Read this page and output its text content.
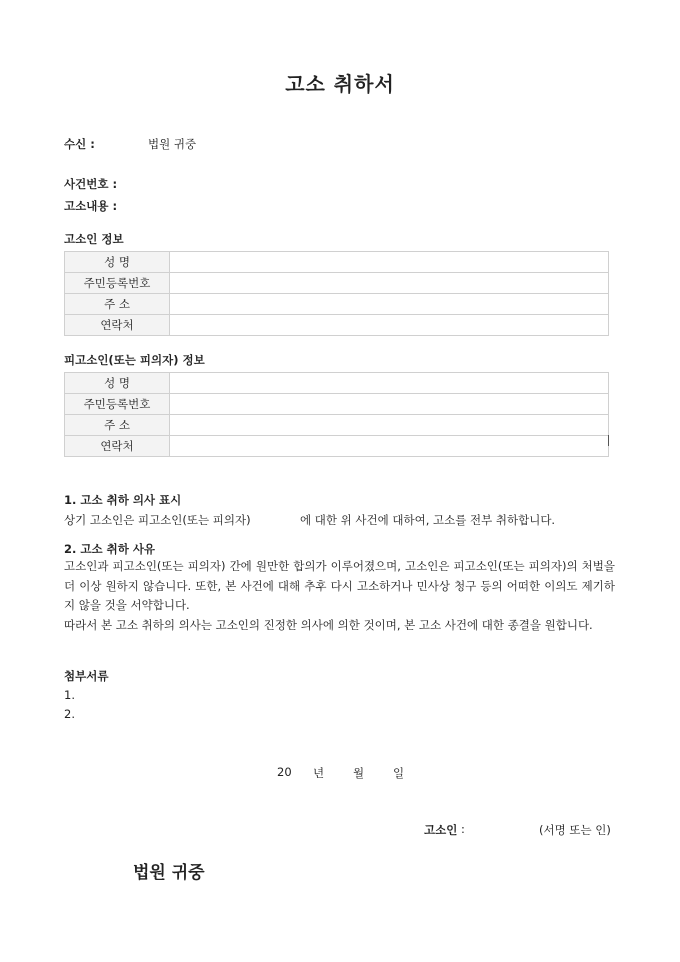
고소 취하서
수신 :	법원 귀중
사건번호 :
고소내용 :
고소인 정보
성 명	
주민등록번호	
주 소	
연락처	
피고소인(또는 피의자) 정보
성 명	
주민등록번호	
주 소	
연락처	
1. 고소 취하 의사 표시
상기 고소인은 피고소인(또는 피의자)	에 대한 위 사건에 대하여, 고소를 전부 취하합니다.
2. 고소 취하 사유
고소인과 피고소인(또는 피의자) 간에 원만한 합의가 이루어졌으며, 고소인은 피고소인(또는 피의자)의 처벌을 더 이상 원하지 않습니다. 또한, 본 사건에 대해 추후 다시 고소하거나 민사상 청구 등의 어떠한 이의도 제기하지 않을 것을 서약합니다.
따라서 본 고소 취하의 의사는 고소인의 진정한 의사에 의한 것이며, 본 고소 사건에 대한 종결을 원합니다.
첨부서류
1.
2.
20 년	월	일
고소인 :	(서명 또는 인)
법원 귀중
